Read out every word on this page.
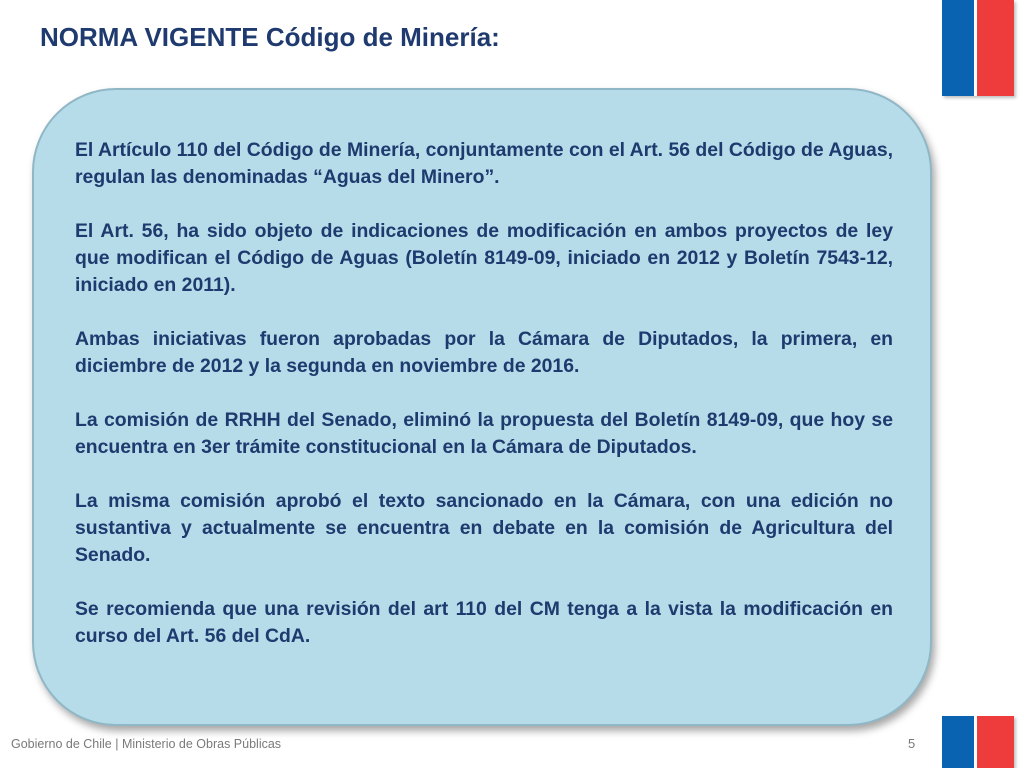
NORMA VIGENTE Código de Minería:

El Artículo 110 del Código de Minería, conjuntamente con el Art. 56 del Código de Aguas, regulan las denominadas “Aguas del Minero”.

El Art. 56, ha sido objeto de indicaciones de modificación en ambos proyectos de ley que modifican el Código de Aguas (Boletín 8149-09, iniciado en 2012 y Boletín 7543-12, iniciado en 2011).

Ambas iniciativas fueron aprobadas por la Cámara de Diputados, la primera, en diciembre de 2012 y la segunda en noviembre de 2016.

La comisión de RRHH del Senado, eliminó la propuesta del Boletín 8149-09, que hoy se encuentra en 3er trámite constitucional en la Cámara de Diputados.

La misma comisión aprobó el texto sancionado en la Cámara, con una edición no sustantiva y actualmente se encuentra en debate en la comisión de Agricultura del Senado.

Se recomienda que una revisión del art 110 del CM tenga a la vista la modificación en curso del Art. 56 del CdA.

Gobierno de Chile | Ministerio de Obras Públicas	5
